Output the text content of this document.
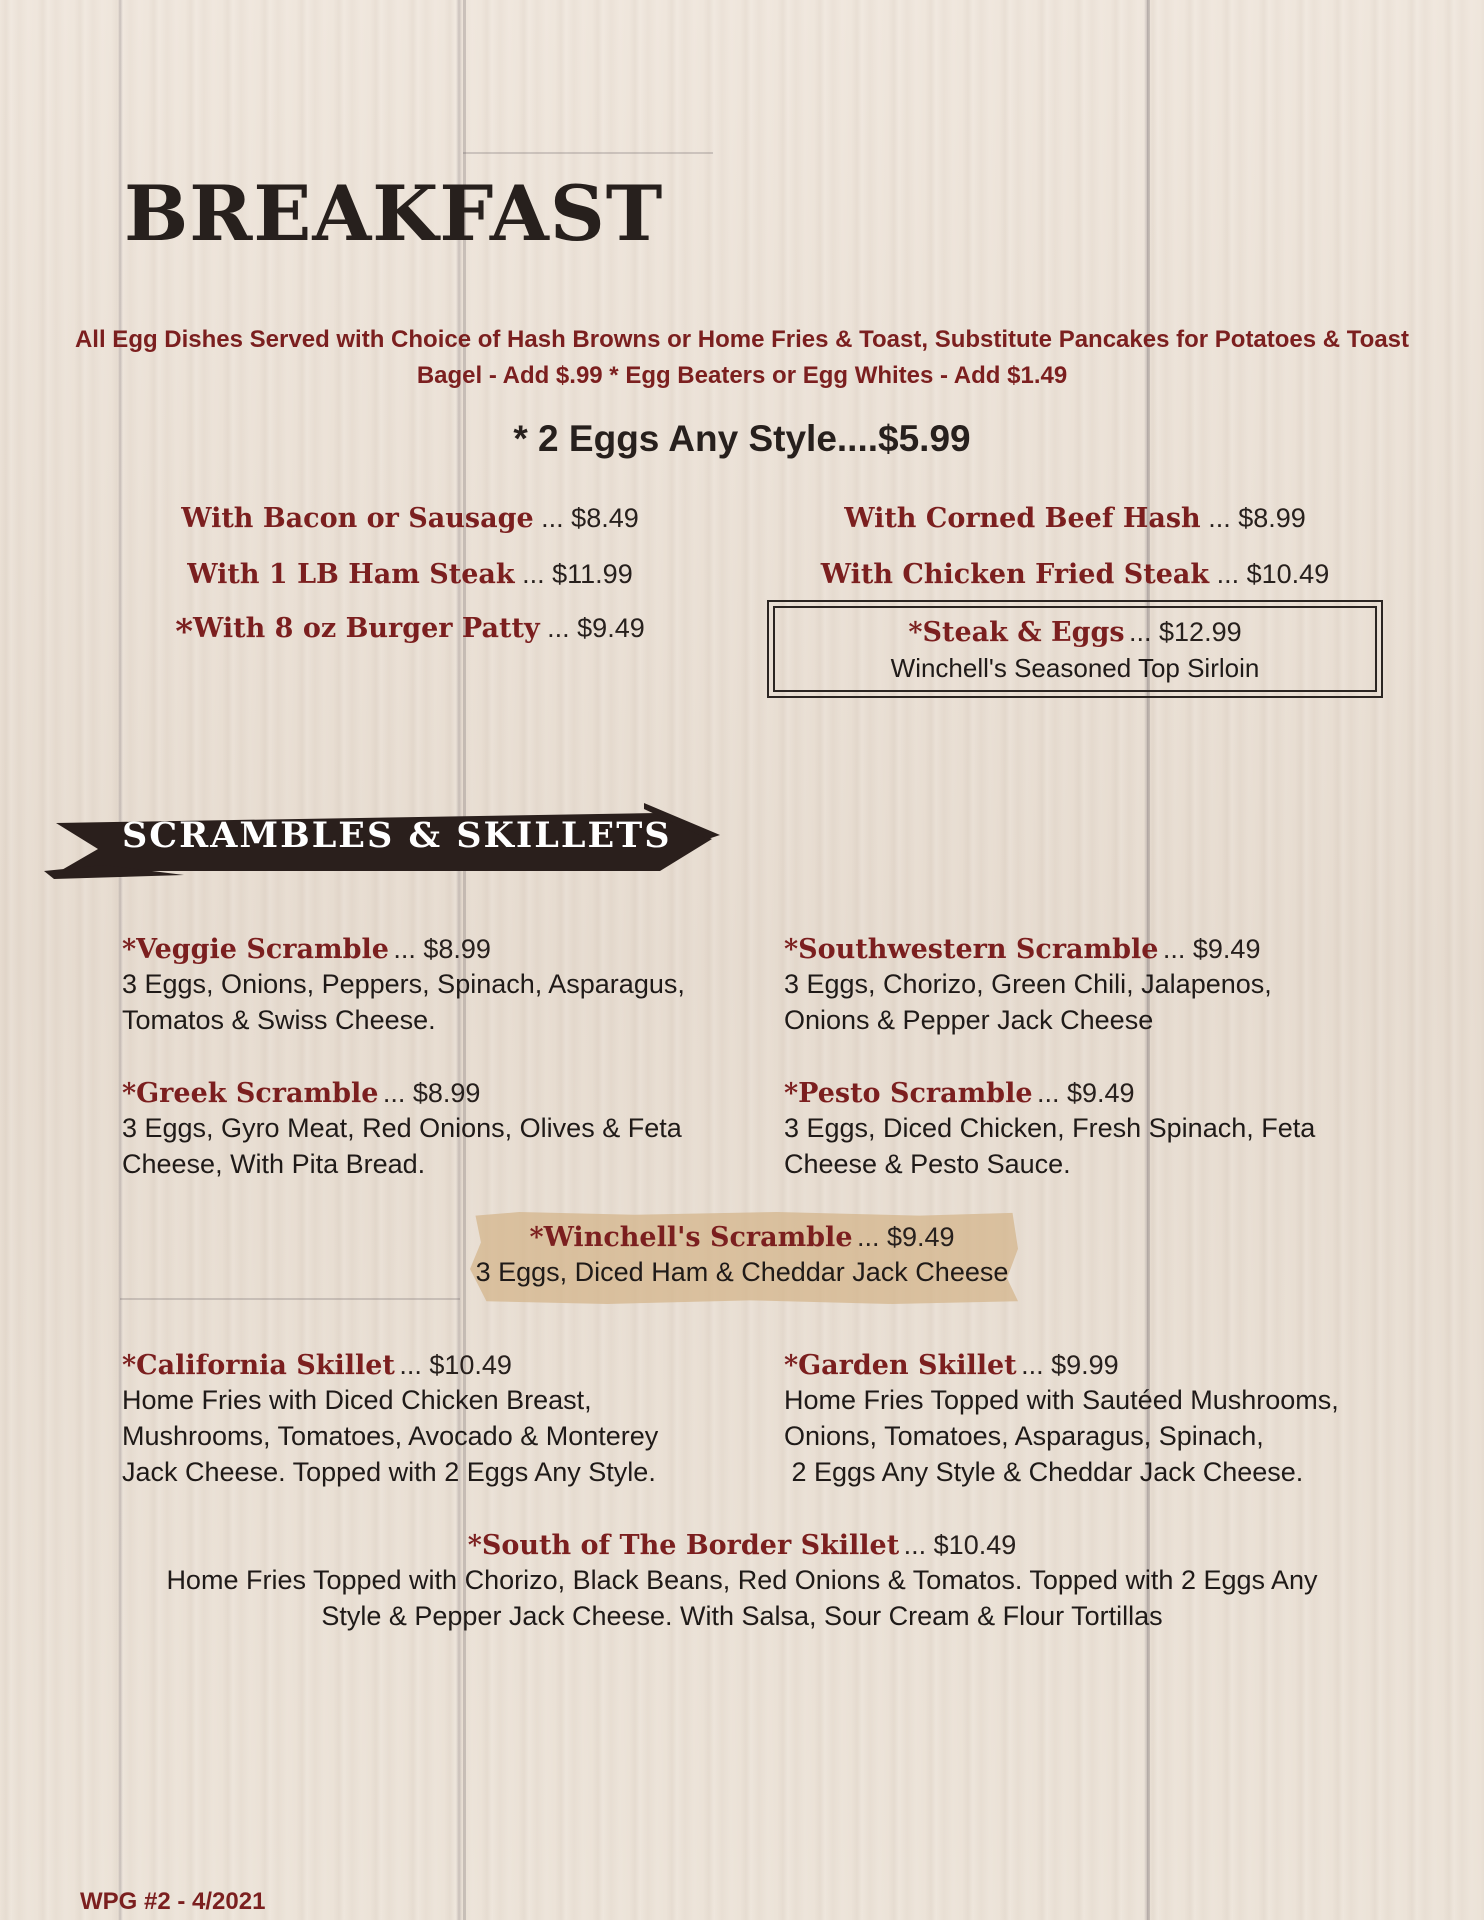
BREAKFAST
All Egg Dishes Served with Choice of Hash Browns or Home Fries & Toast, Substitute Pancakes for Potatoes & Toast
Bagel - Add $.99 * Egg Beaters or Egg Whites - Add $1.49
* 2 Eggs Any Style....$5.99
With Bacon or Sausage ... $8.49
With 1 LB Ham Steak ... $11.99
*With 8 oz Burger Patty ... $9.49
With Corned Beef Hash ... $8.99
With Chicken Fried Steak ... $10.49
*Steak & Eggs ... $12.99
Winchell's Seasoned Top Sirloin
SCRAMBLES & SKILLETS
*Veggie Scramble ... $8.99
3 Eggs, Onions, Peppers, Spinach, Asparagus,
Tomatos & Swiss Cheese.
*Southwestern Scramble ... $9.49
3 Eggs, Chorizo, Green Chili, Jalapenos,
Onions & Pepper Jack Cheese
*Greek Scramble ... $8.99
3 Eggs, Gyro Meat, Red Onions, Olives & Feta
Cheese, With Pita Bread.
*Pesto Scramble ... $9.49
3 Eggs, Diced Chicken, Fresh Spinach, Feta
Cheese & Pesto Sauce.
*Winchell's Scramble ... $9.49
3 Eggs, Diced Ham & Cheddar Jack Cheese
*California Skillet ... $10.49
Home Fries with Diced Chicken Breast,
Mushrooms, Tomatoes, Avocado & Monterey
Jack Cheese. Topped with 2 Eggs Any Style.
*Garden Skillet ... $9.99
Home Fries Topped with Sautéed Mushrooms,
Onions, Tomatoes, Asparagus, Spinach,
2 Eggs Any Style & Cheddar Jack Cheese.
*South of The Border Skillet ... $10.49
Home Fries Topped with Chorizo, Black Beans, Red Onions & Tomatos. Topped with 2 Eggs Any
Style & Pepper Jack Cheese. With Salsa, Sour Cream & Flour Tortillas
WPG #2 - 4/2021
